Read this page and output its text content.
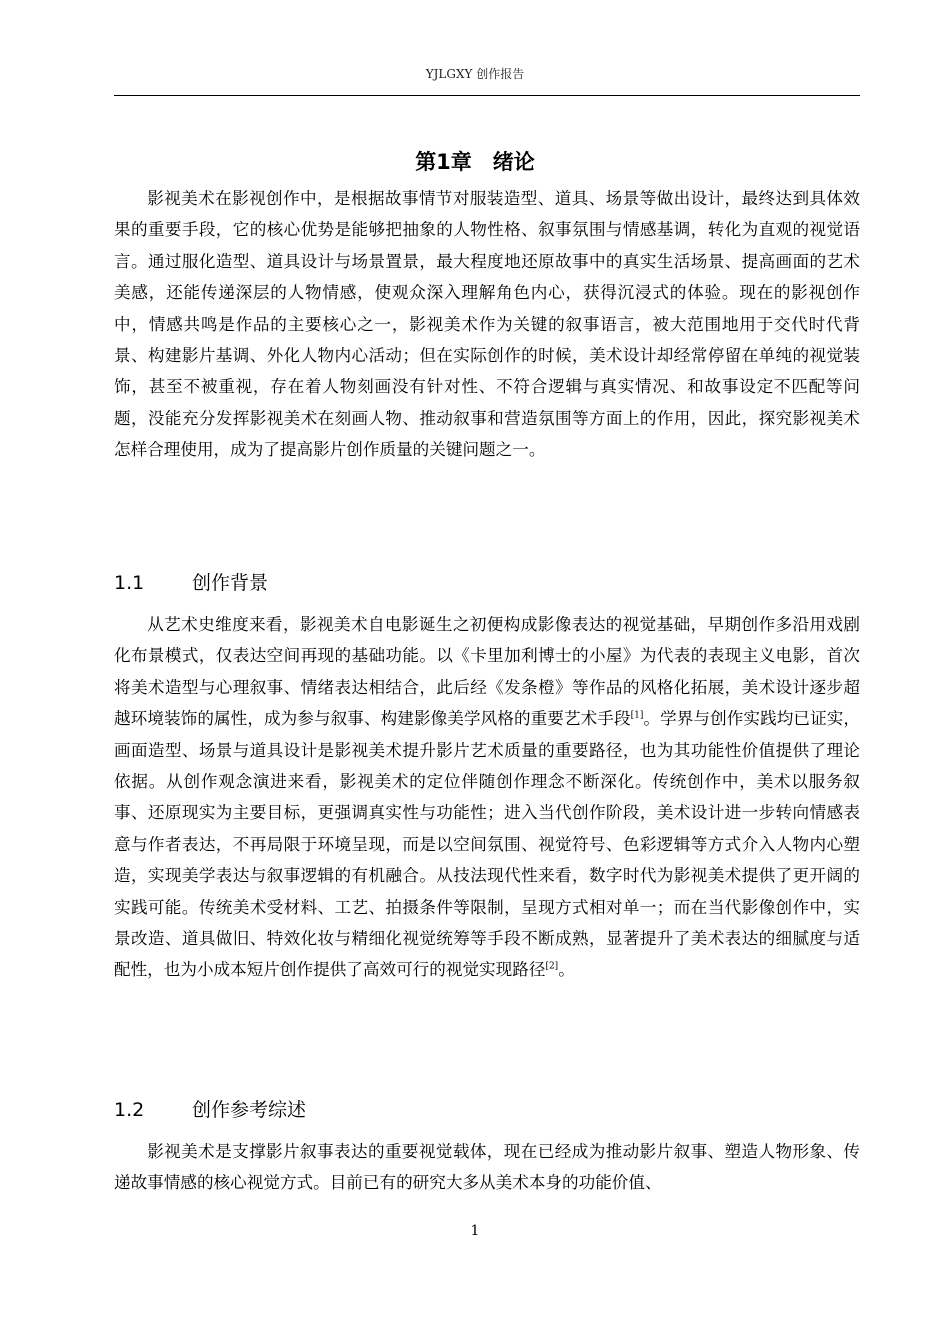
YJLGXY 创作报告
第1章　绪论

影视美术在影视创作中，是根据故事情节对服装造型、道具、场景等做出设计，最终达到具体效果的重要手段，它的核心优势是能够把抽象的人物性格、叙事氛围与情感基调，转化为直观的视觉语言。通过服化造型、道具设计与场景置景，最大程度地还原故事中的真实生活场景、提高画面的艺术美感，还能传递深层的人物情感，使观众深入理解角色内心，获得沉浸式的体验。现在的影视创作中，情感共鸣是作品的主要核心之一，影视美术作为关键的叙事语言，被大范围地用于交代时代背景、构建影片基调、外化人物内心活动；但在实际创作的时候，美术设计却经常停留在单纯的视觉装饰，甚至不被重视，存在着人物刻画没有针对性、不符合逻辑与真实情况、和故事设定不匹配等问题，没能充分发挥影视美术在刻画人物、推动叙事和营造氛围等方面上的作用，因此，探究影视美术怎样合理使用，成为了提高影片创作质量的关键问题之一。

1.1	创作背景

从艺术史维度来看，影视美术自电影诞生之初便构成影像表达的视觉基础，早期创作多沿用戏剧化布景模式，仅表达空间再现的基础功能。以《卡里加利博士的小屋》为代表的表现主义电影，首次将美术造型与心理叙事、情绪表达相结合，此后经《发条橙》等作品的风格化拓展，美术设计逐步超越环境装饰的属性，成为参与叙事、构建影像美学风格的重要艺术手段[1]。学界与创作实践均已证实，画面造型、场景与道具设计是影视美术提升影片艺术质量的重要路径，也为其功能性价值提供了理论依据。从创作观念演进来看，影视美术的定位伴随创作理念不断深化。传统创作中，美术以服务叙事、还原现实为主要目标，更强调真实性与功能性；进入当代创作阶段，美术设计进一步转向情感表意与作者表达，不再局限于环境呈现，而是以空间氛围、视觉符号、色彩逻辑等方式介入人物内心塑造，实现美学表达与叙事逻辑的有机融合。从技法现代性来看，数字时代为影视美术提供了更开阔的实践可能。传统美术受材料、工艺、拍摄条件等限制，呈现方式相对单一；而在当代影像创作中，实景改造、道具做旧、特效化妆与精细化视觉统筹等手段不断成熟，显著提升了美术表达的细腻度与适配性，也为小成本短片创作提供了高效可行的视觉实现路径[2]。

1.2	创作参考综述

影视美术是支撑影片叙事表达的重要视觉载体，现在已经成为推动影片叙事、塑造人物形象、传递故事情感的核心视觉方式。目前已有的研究大多从美术本身的功能价值、

1
